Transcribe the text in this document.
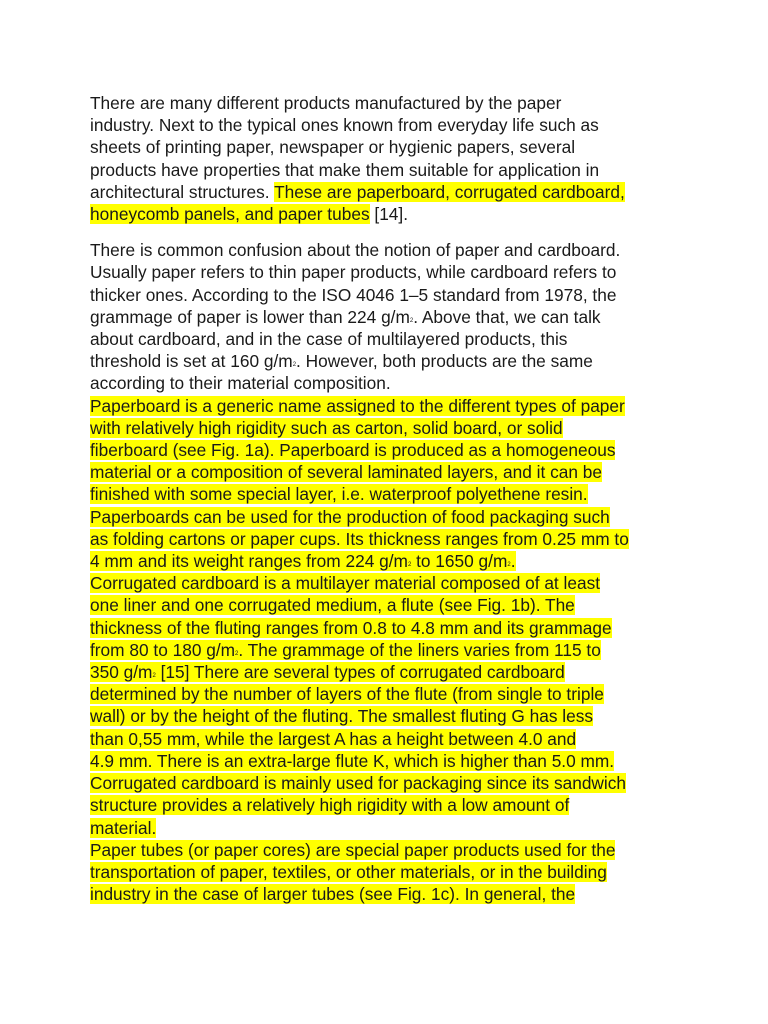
There are many different products manufactured by the paper
industry. Next to the typical ones known from everyday life such as
sheets of printing paper, newspaper or hygienic papers, several
products have properties that make them suitable for application in
architectural structures. These are paperboard, corrugated cardboard,
honeycomb panels, and paper tubes [14].

There is common confusion about the notion of paper and cardboard.
Usually paper refers to thin paper products, while cardboard refers to
thicker ones. According to the ISO 4046 1–5 standard from 1978, the
grammage of paper is lower than 224 $g/m^2$. Above that, we can talk
about cardboard, and in the case of multilayered products, this
threshold is set at 160 $g/m^2$. However, both products are the same
according to their material composition.

Paperboard is a generic name assigned to the different types of paper
with relatively high rigidity such as carton, solid board, or solid
fiberboard (see Fig. 1a). Paperboard is produced as a homogeneous
material or a composition of several laminated layers, and it can be
finished with some special layer, i.e. waterproof polyethene resin.
Paperboards can be used for the production of food packaging such
as folding cartons or paper cups. Its thickness ranges from 0.25 mm to
4 mm and its weight ranges from 224 $g/m^2$ to 1650 $g/m^2$.

Corrugated cardboard is a multilayer material composed of at least
one liner and one corrugated medium, a flute (see Fig. 1b). The
thickness of the fluting ranges from 0.8 to 4.8 mm and its grammage
from 80 to 180 $g/m^2$. The grammage of the liners varies from 115 to
350 $g/m^2$ [15] There are several types of corrugated cardboard
determined by the number of layers of the flute (from single to triple
wall) or by the height of the fluting. The smallest fluting G has less
than 0,55 mm, while the largest A has a height between 4.0 and
4.9 mm. There is an extra-large flute K, which is higher than 5.0 mm.
Corrugated cardboard is mainly used for packaging since its sandwich
structure provides a relatively high rigidity with a low amount of
material.

Paper tubes (or paper cores) are special paper products used for the
transportation of paper, textiles, or other materials, or in the building
industry in the case of larger tubes (see Fig. 1c). In general, the
